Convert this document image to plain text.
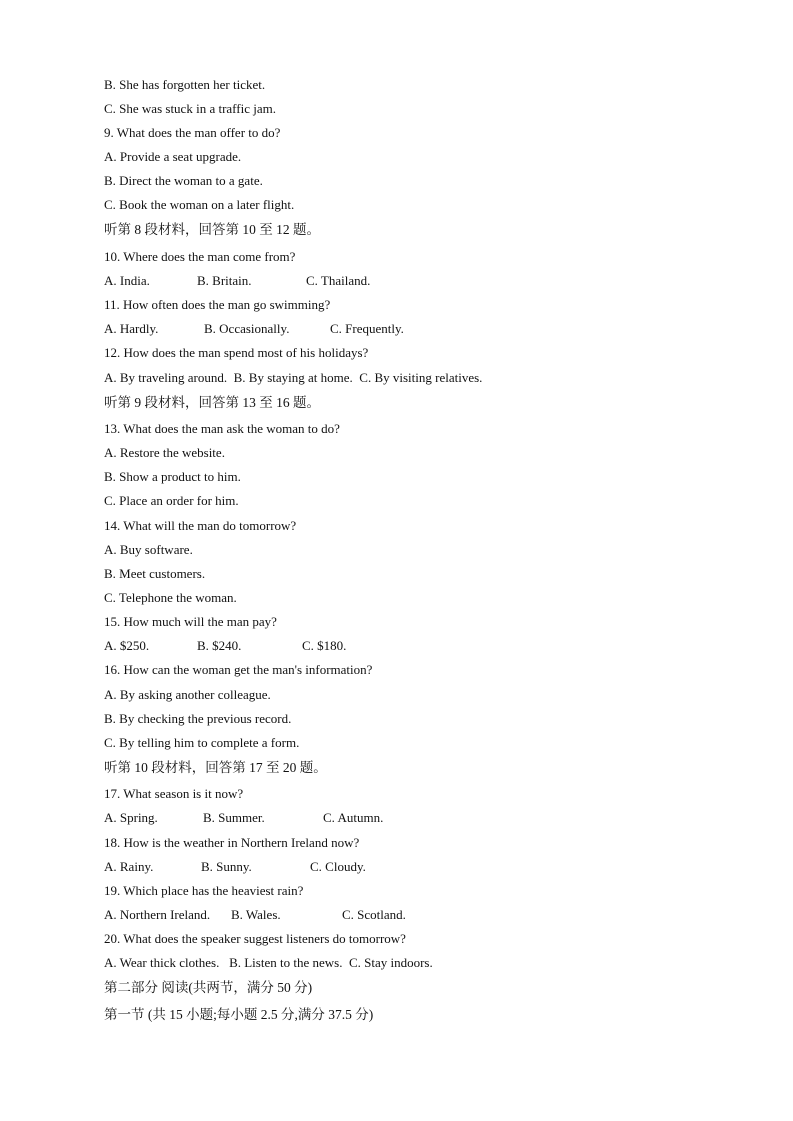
B. She has forgotten her ticket.
C. She was stuck in a traffic jam.
9. What does the man offer to do?
A. Provide a seat upgrade.
B. Direct the woman to a gate.
C. Book the woman on a later flight.
听第 8 段材料，回答第 10 至 12 题。
10. Where does the man come from?
A. India.	B. Britain.	C. Thailand.
11. How often does the man go swimming?
A. Hardly.	B. Occasionally.	C. Frequently.
12. How does the man spend most of his holidays?
A. By traveling around.  B. By staying at home.  C. By visiting relatives.
听第 9 段材料，回答第 13 至 16 题。
13. What does the man ask the woman to do?
A. Restore the website.
B. Show a product to him.
C. Place an order for him.
14. What will the man do tomorrow?
A. Buy software.
B. Meet customers.
C. Telephone the woman.
15. How much will the man pay?
A. $250.	B. $240.	C. $180.
16. How can the woman get the man's information?
A. By asking another colleague.
B. By checking the previous record.
C. By telling him to complete a form.
听第 10 段材料，回答第 17 至 20 题。
17. What season is it now?
A. Spring.	B. Summer.	C. Autumn.
18. How is the weather in Northern Ireland now?
A. Rainy.	B. Sunny.	C. Cloudy.
19. Which place has the heaviest rain?
A. Northern Ireland. B. Wales.	C. Scotland.
20. What does the speaker suggest listeners do tomorrow?
A. Wear thick clothes.   B. Listen to the news.  C. Stay indoors.
第二部分 阅读(共两节，满分 50 分)
第一节 (共 15 小题;每小题 2.5 分,满分 37.5 分)
